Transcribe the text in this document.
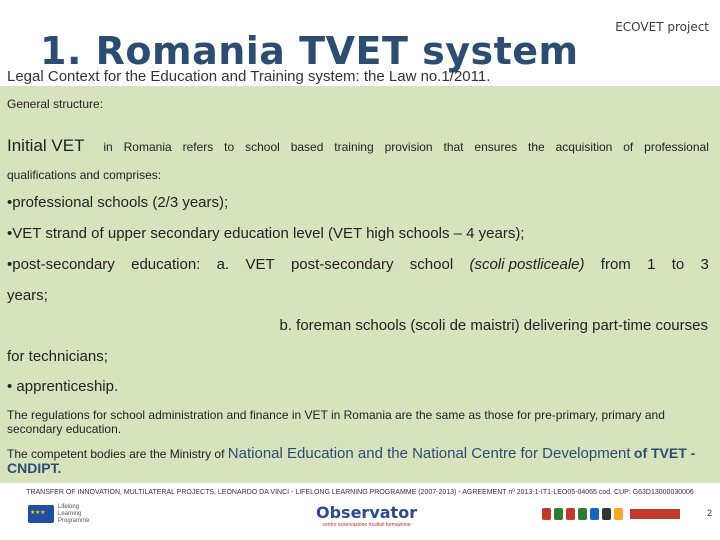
ECOVET project
1. Romania TVET system
Legal Context for the Education and Training system: the Law no.1/2011.
General structure:
Initial VET in Romania refers to school based training provision that ensures the acquisition of professional
qualifications and comprises:
•professional schools (2/3 years);
•VET strand of upper secondary education level (VET high schools – 4 years);
•post-secondary education: a. VET post-secondary school (scoli postliceale) from 1 to 3
years;
b. foreman schools (scoli de maistri) delivering part-time courses
for technicians;
• apprenticeship.
The regulations for school administration and finance in VET in Romania are the same as those for pre-primary, primary and secondary education.
The competent bodies are the Ministry of National Education and the National Centre for Development of TVET - CNDIPT.
TRANSFER OF INNOVATION, MULTILATERAL PROJECTS, LEONARDO DA VINCI - LIFELONG LEARNING PROGRAMME (2007-2013) - AGREEMENT nº 2013-1-IT1-LEO05-04065 cod. CUP: G63D13000030006
★ ★ ★
Lifelong Learning Programme	Observator
centro osservazione risultati formazione
2
